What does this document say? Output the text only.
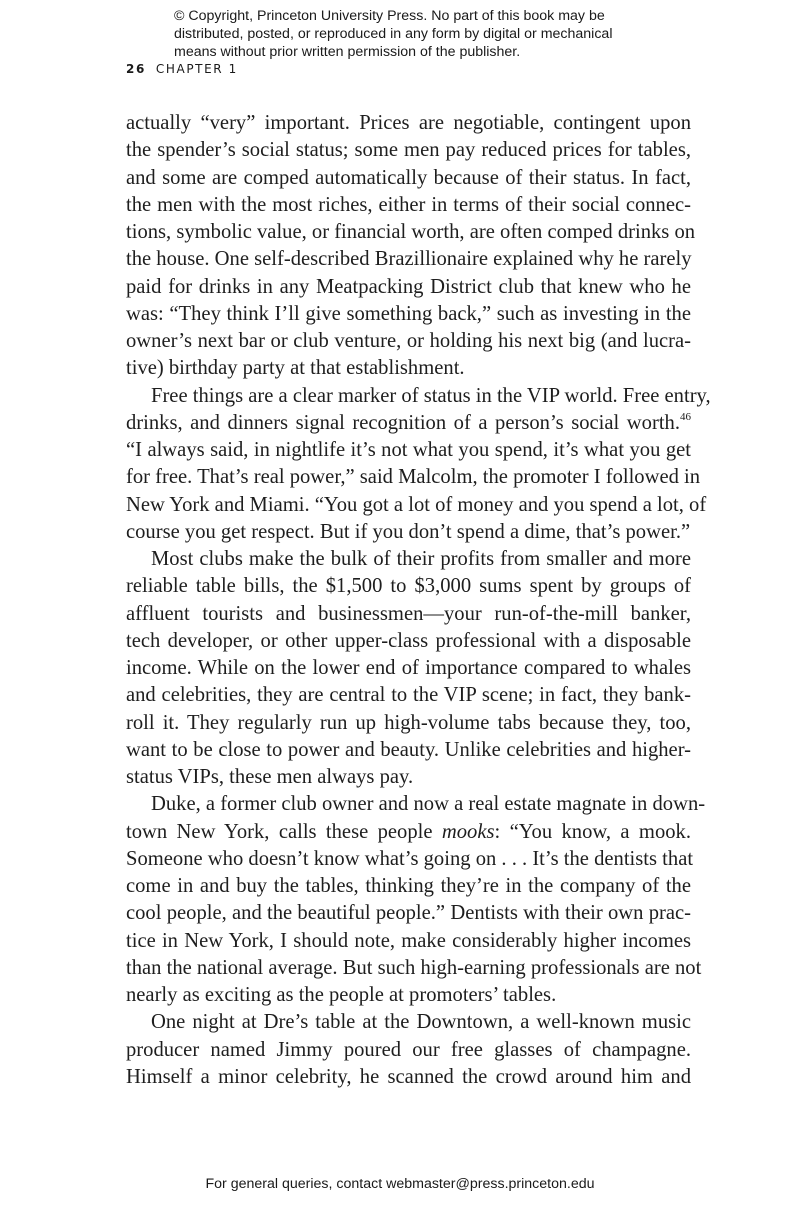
© Copyright, Princeton University Press. No part of this book may be
distributed, posted, or reproduced in any form by digital or mechanical
means without prior written permission of the publisher.
26 CHAPTER 1
actually “very” important. Prices are negotiable, contingent upon
the spender’s social status; some men pay reduced prices for tables,
and some are comped automatically because of their status. In fact,
the men with the most riches, either in terms of their social connec-
tions, symbolic value, or financial worth, are often comped drinks on
the house. One self-described Brazillionaire explained why he rarely
paid for drinks in any Meatpacking District club that knew who he
was: “They think I’ll give something back,” such as investing in the
owner’s next bar or club venture, or holding his next big (and lucra-
tive) birthday party at that establishment.
Free things are a clear marker of status in the VIP world. Free entry,
drinks, and dinners signal recognition of a person’s social worth.$^{46}$
“I always said, in nightlife it’s not what you spend, it’s what you get
for free. That’s real power,” said Malcolm, the promoter I followed in
New York and Miami. “You got a lot of money and you spend a lot, of
course you get respect. But if you don’t spend a dime, that’s power.”
Most clubs make the bulk of their profits from smaller and more
reliable table bills, the $1,500 to $3,000 sums spent by groups of
affluent tourists and businessmen—your run-of-the-mill banker,
tech developer, or other upper-class professional with a disposable
income. While on the lower end of importance compared to whales
and celebrities, they are central to the VIP scene; in fact, they bank-
roll it. They regularly run up high-volume tabs because they, too,
want to be close to power and beauty. Unlike celebrities and higher-
status VIPs, these men always pay.
Duke, a former club owner and now a real estate magnate in down-
town New York, calls these people mooks: “You know, a mook.
Someone who doesn’t know what’s going on . . . It’s the dentists that
come in and buy the tables, thinking they’re in the company of the
cool people, and the beautiful people.” Dentists with their own prac-
tice in New York, I should note, make considerably higher incomes
than the national average. But such high-earning professionals are not
nearly as exciting as the people at promoters’ tables.
One night at Dre’s table at the Downtown, a well-known music
producer named Jimmy poured our free glasses of champagne.
Himself a minor celebrity, he scanned the crowd around him and
For general queries, contact webmaster@press.princeton.edu
